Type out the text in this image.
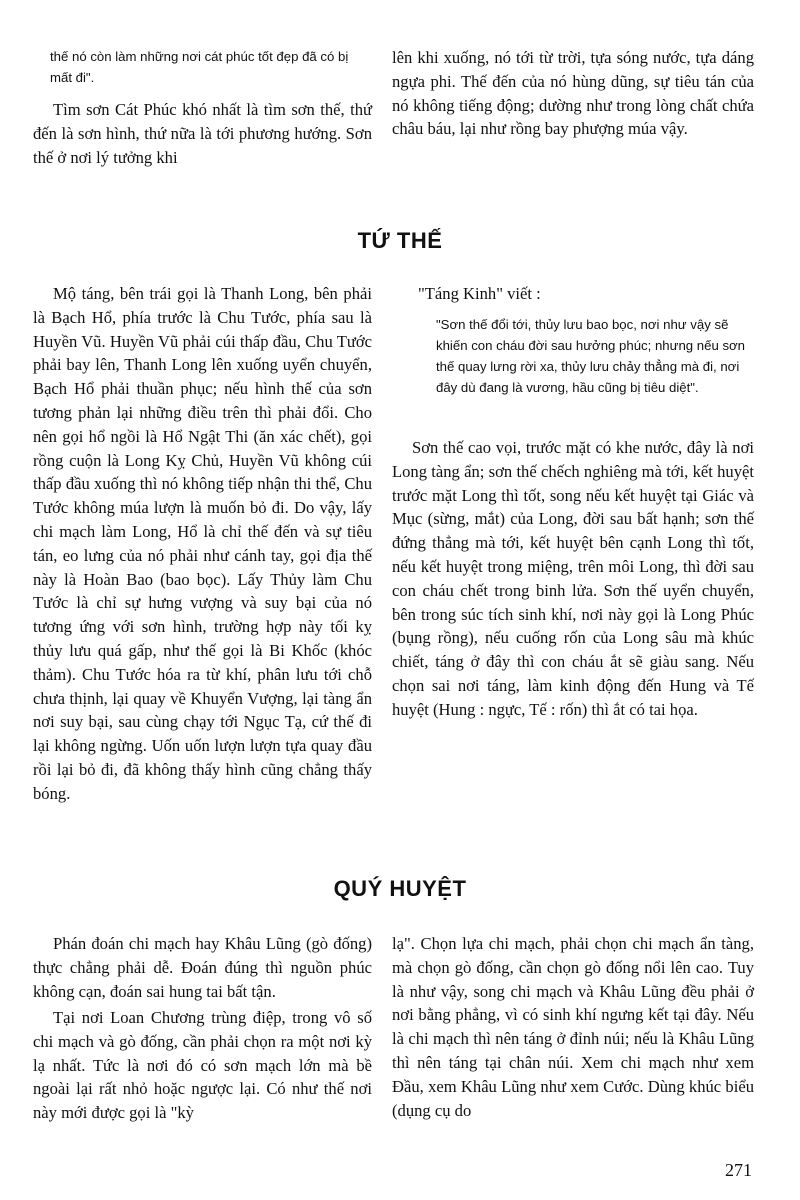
thế nó còn làm những nơi cát phúc tốt đẹp đã có bị mất đi".

Tìm sơn Cát Phúc khó nhất là tìm sơn thế, thứ đến là sơn hình, thứ nữa là tới phương hướng. Sơn thế ở nơi lý tưởng khi

lên khi xuống, nó tới từ trời, tựa sóng nước, tựa dáng ngựa phi. Thế đến của nó hùng dũng, sự tiêu tán của nó không tiếng động; dường như trong lòng chất chứa châu báu, lại như rồng bay phượng múa vậy.

TỨ THẾ

Mộ táng, bên trái gọi là Thanh Long, bên phải là Bạch Hổ, phía trước là Chu Tước, phía sau là Huyền Vũ. Huyền Vũ phải cúi thấp đầu, Chu Tước phải bay lên, Thanh Long lên xuống uyển chuyển, Bạch Hổ phải thuần phục; nếu hình thế của sơn tương phản lại những điều trên thì phải đổi. Cho nên gọi hổ ngồi là Hổ Ngật Thi (ăn xác chết), gọi rồng cuộn là Long Kỵ Chủ, Huyền Vũ không cúi thấp đầu xuống thì nó không tiếp nhận thi thể, Chu Tước không múa lượn là muốn bỏ đi. Do vậy, lấy chi mạch làm Long, Hổ là chỉ thế đến và sự tiêu tán, eo lưng của nó phải như cánh tay, gọi địa thế này là Hoàn Bao (bao bọc). Lấy Thủy làm Chu Tước là chỉ sự hưng vượng và suy bại của nó tương ứng với sơn hình, trường hợp này tối kỵ thủy lưu quá gấp, như thế gọi là Bi Khốc (khóc thảm). Chu Tước hóa ra từ khí, phân lưu tới chỗ chưa thịnh, lại quay về Khuyển Vượng, lại tàng ẩn nơi suy bại, sau cùng chạy tới Ngục Tạ, cứ thế đi lại không ngừng. Uốn uốn lượn lượn tựa quay đầu rồi lại bỏ đi, đã không thấy hình cũng chẳng thấy bóng.

"Táng Kinh" viết :

"Sơn thế đổi tới, thủy lưu bao bọc, nơi như vậy sẽ khiến con cháu đời sau hưởng phúc; nhưng nếu sơn thế quay lưng rời xa, thủy lưu chảy thẳng mà đi, nơi đây dù đang là vương, hầu cũng bị tiêu diệt".

Sơn thế cao vọi, trước mặt có khe nước, đây là nơi Long tàng ẩn; sơn thế chếch nghiêng mà tới, kết huyệt trước mặt Long thì tốt, song nếu kết huyệt tại Giác và Mục (sừng, mắt) của Long, đời sau bất hạnh; sơn thế đứng thẳng mà tới, kết huyệt bên cạnh Long thì tốt, nếu kết huyệt trong miệng, trên môi Long, thì đời sau con cháu chết trong binh lửa. Sơn thế uyển chuyển, bên trong súc tích sinh khí, nơi này gọi là Long Phúc (bụng rồng), nếu cuống rốn của Long sâu mà khúc chiết, táng ở đây thì con cháu ắt sẽ giàu sang. Nếu chọn sai nơi táng, làm kinh động đến Hung và Tế huyệt (Hung : ngực, Tế : rốn) thì ắt có tai họa.

QUÝ HUYỆT

Phán đoán chi mạch hay Khâu Lũng (gò đống) thực chẳng phải dễ. Đoán đúng thì nguồn phúc không cạn, đoán sai hung tai bất tận.

Tại nơi Loan Chương trùng điệp, trong vô số chi mạch và gò đống, cần phải chọn ra một nơi kỳ lạ nhất. Tức là nơi đó có sơn mạch lớn mà bề ngoài lại rất nhỏ hoặc ngược lại. Có như thế nơi này mới được gọi là "kỳ

lạ". Chọn lựa chi mạch, phải chọn chi mạch ẩn tàng, mà chọn gò đống, cần chọn gò đống nổi lên cao. Tuy là như vậy, song chi mạch và Khâu Lũng đều phải ở nơi bằng phẳng, vì có sinh khí ngưng kết tại đây. Nếu là chi mạch thì nên táng ở đỉnh núi; nếu là Khâu Lũng thì nên táng tại chân núi. Xem chi mạch như xem Đầu, xem Khâu Lũng như xem Cước. Dùng khúc biểu (dụng cụ do

271
